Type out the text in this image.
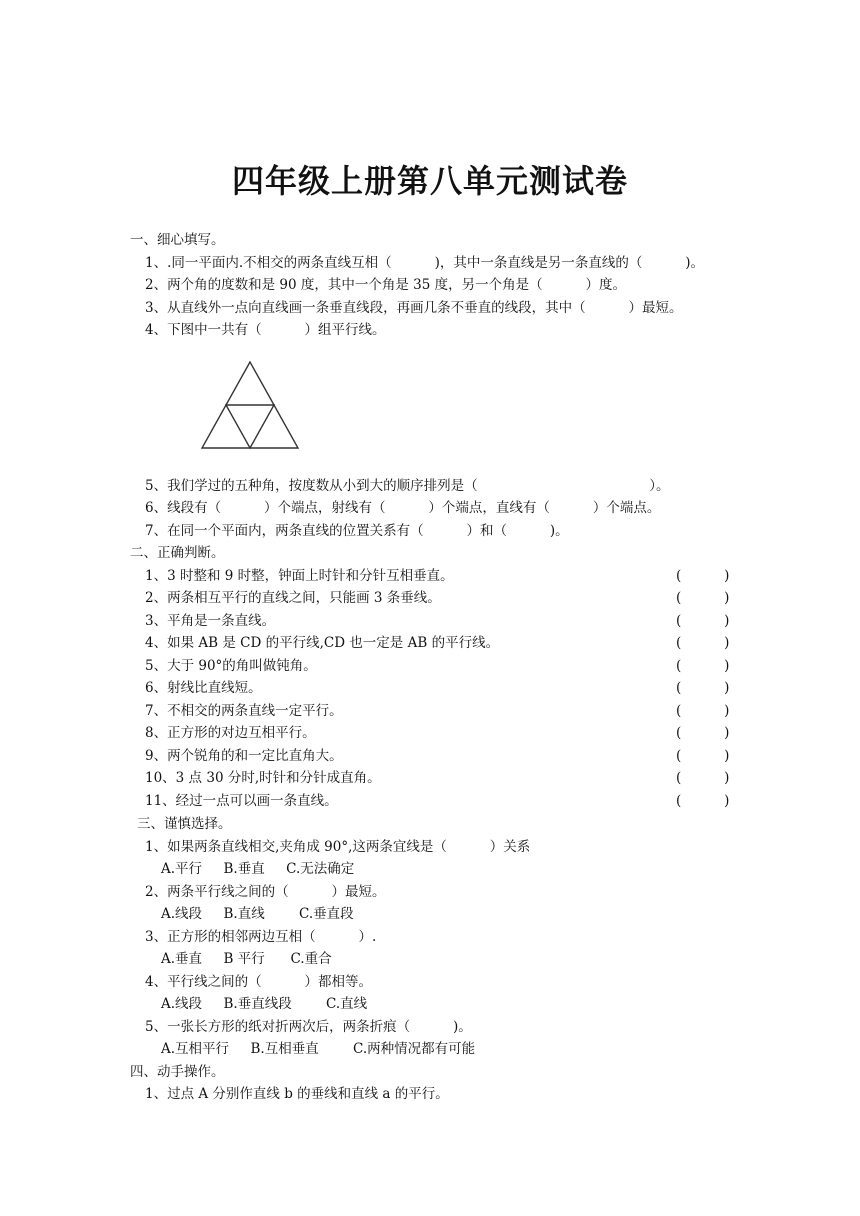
四年级上册第八单元测试卷
一、细心填写。
1、.同一平面内.不相交的两条直线互相（          )，其中一条直线是另一条直线的（          )。
2、两个角的度数和是 90 度，其中一个角是 35 度，另一个角是（          ）度。
3、从直线外一点向直线画一条垂直线段，再画几条不垂直的线段，其中（          ）最短。
4、下图中一共有（          ）组平行线。
5、我们学过的五种角，按度数从小到大的顺序排列是（                                        ）。
6、线段有（          ）个端点，射线有（          ）个端点，直线有（          ）个端点。
7、在同一个平面内，两条直线的位置关系有（          ）和（          )。
二、正确判断。
1、3 时整和 9 时整，钟面上时针和分针互相垂直。	(          )
2、两条相互平行的直线之间，只能画 3 条垂线。	(          )
3、平角是一条直线。	(          )
4、如果 AB 是 CD 的平行线,CD 也一定是 AB 的平行线。	(          )
5、大于 90°的角叫做钝角。	(          )
6、射线比直线短。	(          )
7、不相交的两条直线一定平行。	(          )
8、正方形的对边互相平行。	(          )
9、两个锐角的和一定比直角大。	(          )
10、3 点 30 分时,时针和分针成直角。	(          )
11、经过一点可以画一条直线。	(          )
三、谨慎选择。
1、如果两条直线相交,夹角成 90°,这两条宜线是（          ）关系
A.平行     B.垂直     C.无法确定
2、两条平行线之间的（          ）最短。
A.线段     B.直线        C.垂直段
3、正方形的相邻两边互相（          ）.
A.垂直     B 平行      C.重合
4、平行线之间的（          ）都相等。
A.线段     B.垂直线段        C.直线
5、一张长方形的纸对折两次后，两条折痕（          )。
A.互相平行     B.互相垂直        C.两种情况都有可能
四、动手操作。
1、过点 A 分别作直线 b 的垂线和直线 a 的平行。
